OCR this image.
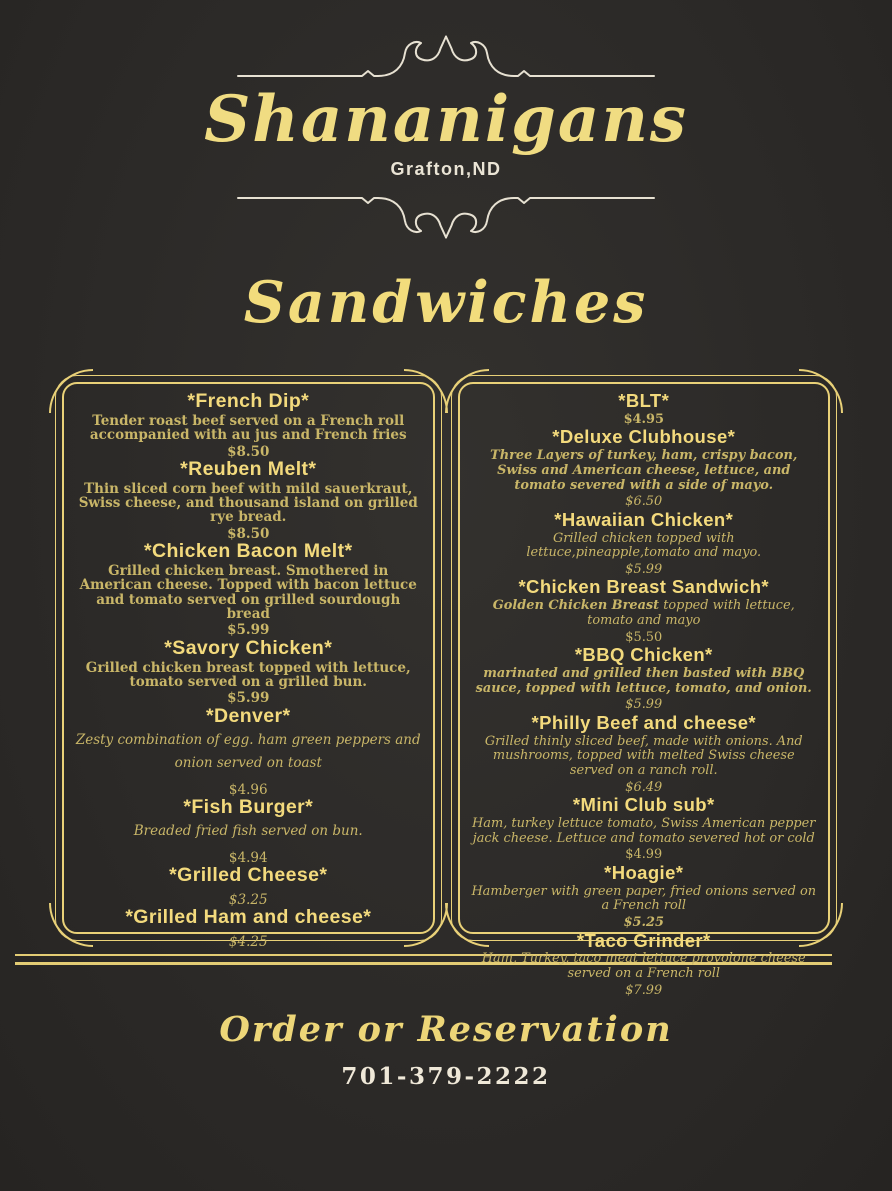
Shananigans
Grafton,ND
Sandwiches
*French Dip*
Tender roast beef served on a French roll accompanied with au jus and French fries
$8.50
*Reuben Melt*
Thin sliced corn beef with mild sauerkraut, Swiss cheese, and thousand island on grilled rye bread.
$8.50
*Chicken Bacon Melt*
Grilled chicken breast. Smothered in American cheese. Topped with bacon lettuce and tomato served on grilled sourdough bread
$5.99
*Savory Chicken*
Grilled chicken breast topped with lettuce, tomato served on a grilled bun.
$5.99
*Denver*
Zesty combination of egg. ham green peppers and onion served on toast
$4.96
*Fish Burger*
Breaded fried fish served on bun.
$4.94
*Grilled Cheese*
$3.25
*Grilled Ham and cheese*
$4.25
*BLT*
$4.95
*Deluxe Clubhouse*
Three Layers of turkey, ham, crispy bacon, Swiss and American cheese, lettuce, and tomato severed with a side of mayo.
$6.50
*Hawaiian Chicken*
Grilled chicken topped with lettuce,pineapple,tomato and mayo.
$5.99
*Chicken Breast Sandwich*
Golden Chicken Breast topped with lettuce, tomato and mayo
$5.50
*BBQ Chicken*
marinated and grilled then basted with BBQ sauce, topped with lettuce, tomato, and onion.
$5.99
*Philly Beef and cheese*
Grilled thinly sliced beef, made with onions. And mushrooms, topped with melted Swiss cheese served on a ranch roll.
$6.49
*Mini Club sub*
Ham, turkey lettuce tomato, Swiss American pepper jack cheese. Lettuce and tomato severed hot or cold
$4.99
*Hoagie*
Hamberger with green paper, fried onions served on a French roll
$5.25
*Taco Grinder*
Ham, Turkey, taco meat lettuce provolone cheese served on a French roll
$7.99
Order or Reservation
701-379-2222
